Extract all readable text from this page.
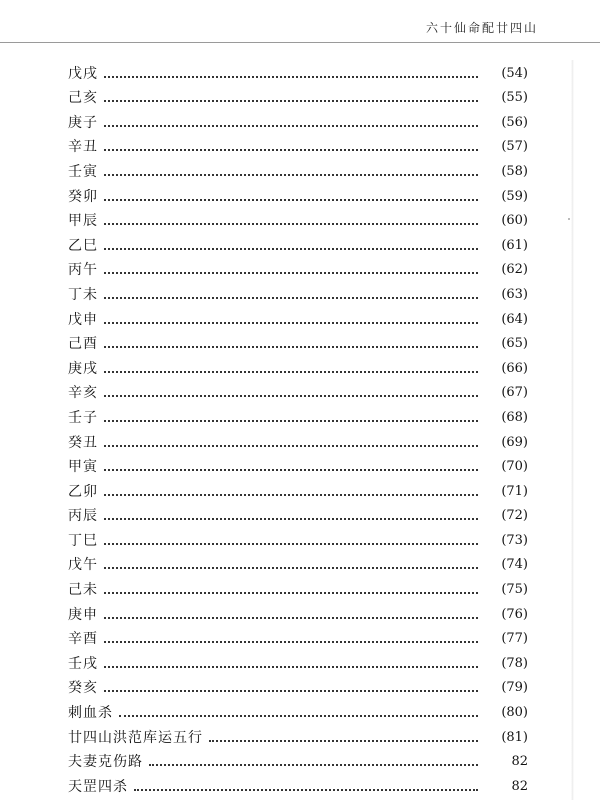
六十仙命配廿四山
戊戌	(54)
己亥	(55)
庚子	(56)
辛丑	(57)
壬寅	(58)
癸卯	(59)
甲辰	(60)
乙巳	(61)
丙午	(62)
丁未	(63)
戊申	(64)
己酉	(65)
庚戌	(66)
辛亥	(67)
壬子	(68)
癸丑	(69)
甲寅	(70)
乙卯	(71)
丙辰	(72)
丁巳	(73)
戊午	(74)
己未	(75)
庚申	(76)
辛酉	(77)
壬戌	(78)
癸亥	(79)
刺血杀	(80)
廿四山洪范库运五行	(81)
夫妻克伤路	82
天罡四杀	82
